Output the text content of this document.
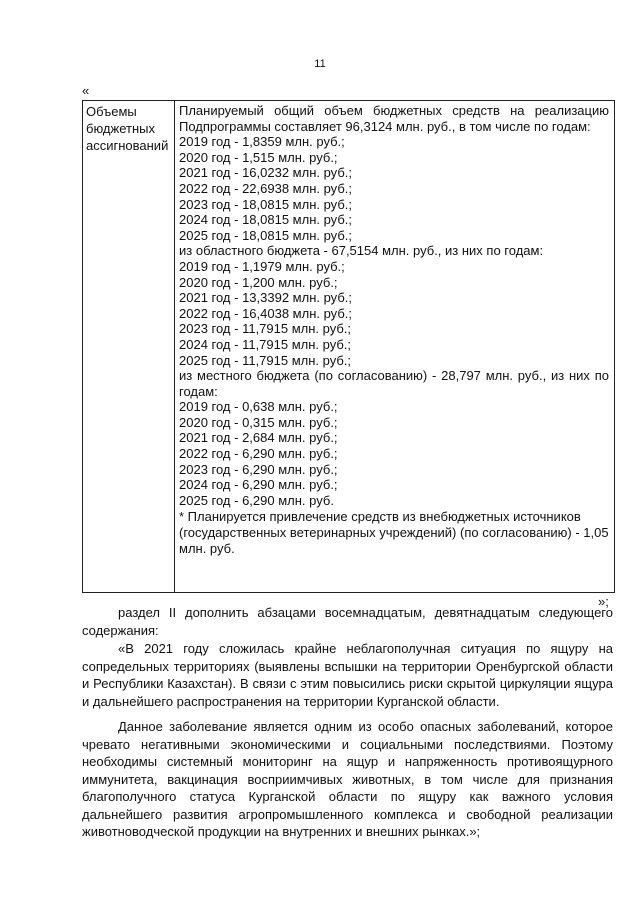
11
«
Объемы бюджетных ассигнований
Планируемый общий объем бюджетных средств на реализацию Подпрограммы составляет 96,3124 млн. руб., в том числе по годам:
2019 год - 1,8359 млн. руб.;
2020 год - 1,515 млн. руб.;
2021 год - 16,0232 млн. руб.;
2022 год - 22,6938 млн. руб.;
2023 год - 18,0815 млн. руб.;
2024 год - 18,0815 млн. руб.;
2025 год - 18,0815 млн. руб.;
из областного бюджета - 67,5154 млн. руб., из них по годам:
2019 год - 1,1979 млн. руб.;
2020 год - 1,200 млн. руб.;
2021 год - 13,3392 млн. руб.;
2022 год - 16,4038 млн. руб.;
2023 год - 11,7915 млн. руб.;
2024 год - 11,7915 млн. руб.;
2025 год - 11,7915 млн. руб.;
из местного бюджета (по согласованию) - 28,797 млн. руб., из них по годам:
2019 год - 0,638 млн. руб.;
2020 год - 0,315 млн. руб.;
2021 год - 2,684 млн. руб.;
2022 год - 6,290 млн. руб.;
2023 год - 6,290 млн. руб.;
2024 год - 6,290 млн. руб.;
2025 год - 6,290 млн. руб.
* Планируется привлечение средств из внебюджетных источников (государственных ветеринарных учреждений) (по согласованию) - 1,05 млн. руб.
»;
раздел II дополнить абзацами восемнадцатым, девятнадцатым следующего содержания:
«В 2021 году сложилась крайне неблагополучная ситуация по ящуру на сопредельных территориях (выявлены вспышки на территории Оренбургской области и Республики Казахстан). В связи с этим повысились риски скрытой циркуляции ящура и дальнейшего распространения на территории Курганской области.
Данное заболевание является одним из особо опасных заболеваний, которое чревато негативными экономическими и социальными последствиями. Поэтому необходимы системный мониторинг на ящур и напряженность противоящурного иммунитета, вакцинация восприимчивых животных, в том числе для признания благополучного статуса Курганской области по ящуру как важного условия дальнейшего развития агропромышленного комплекса и свободной реализации животноводческой продукции на внутренних и внешних рынках.»;
